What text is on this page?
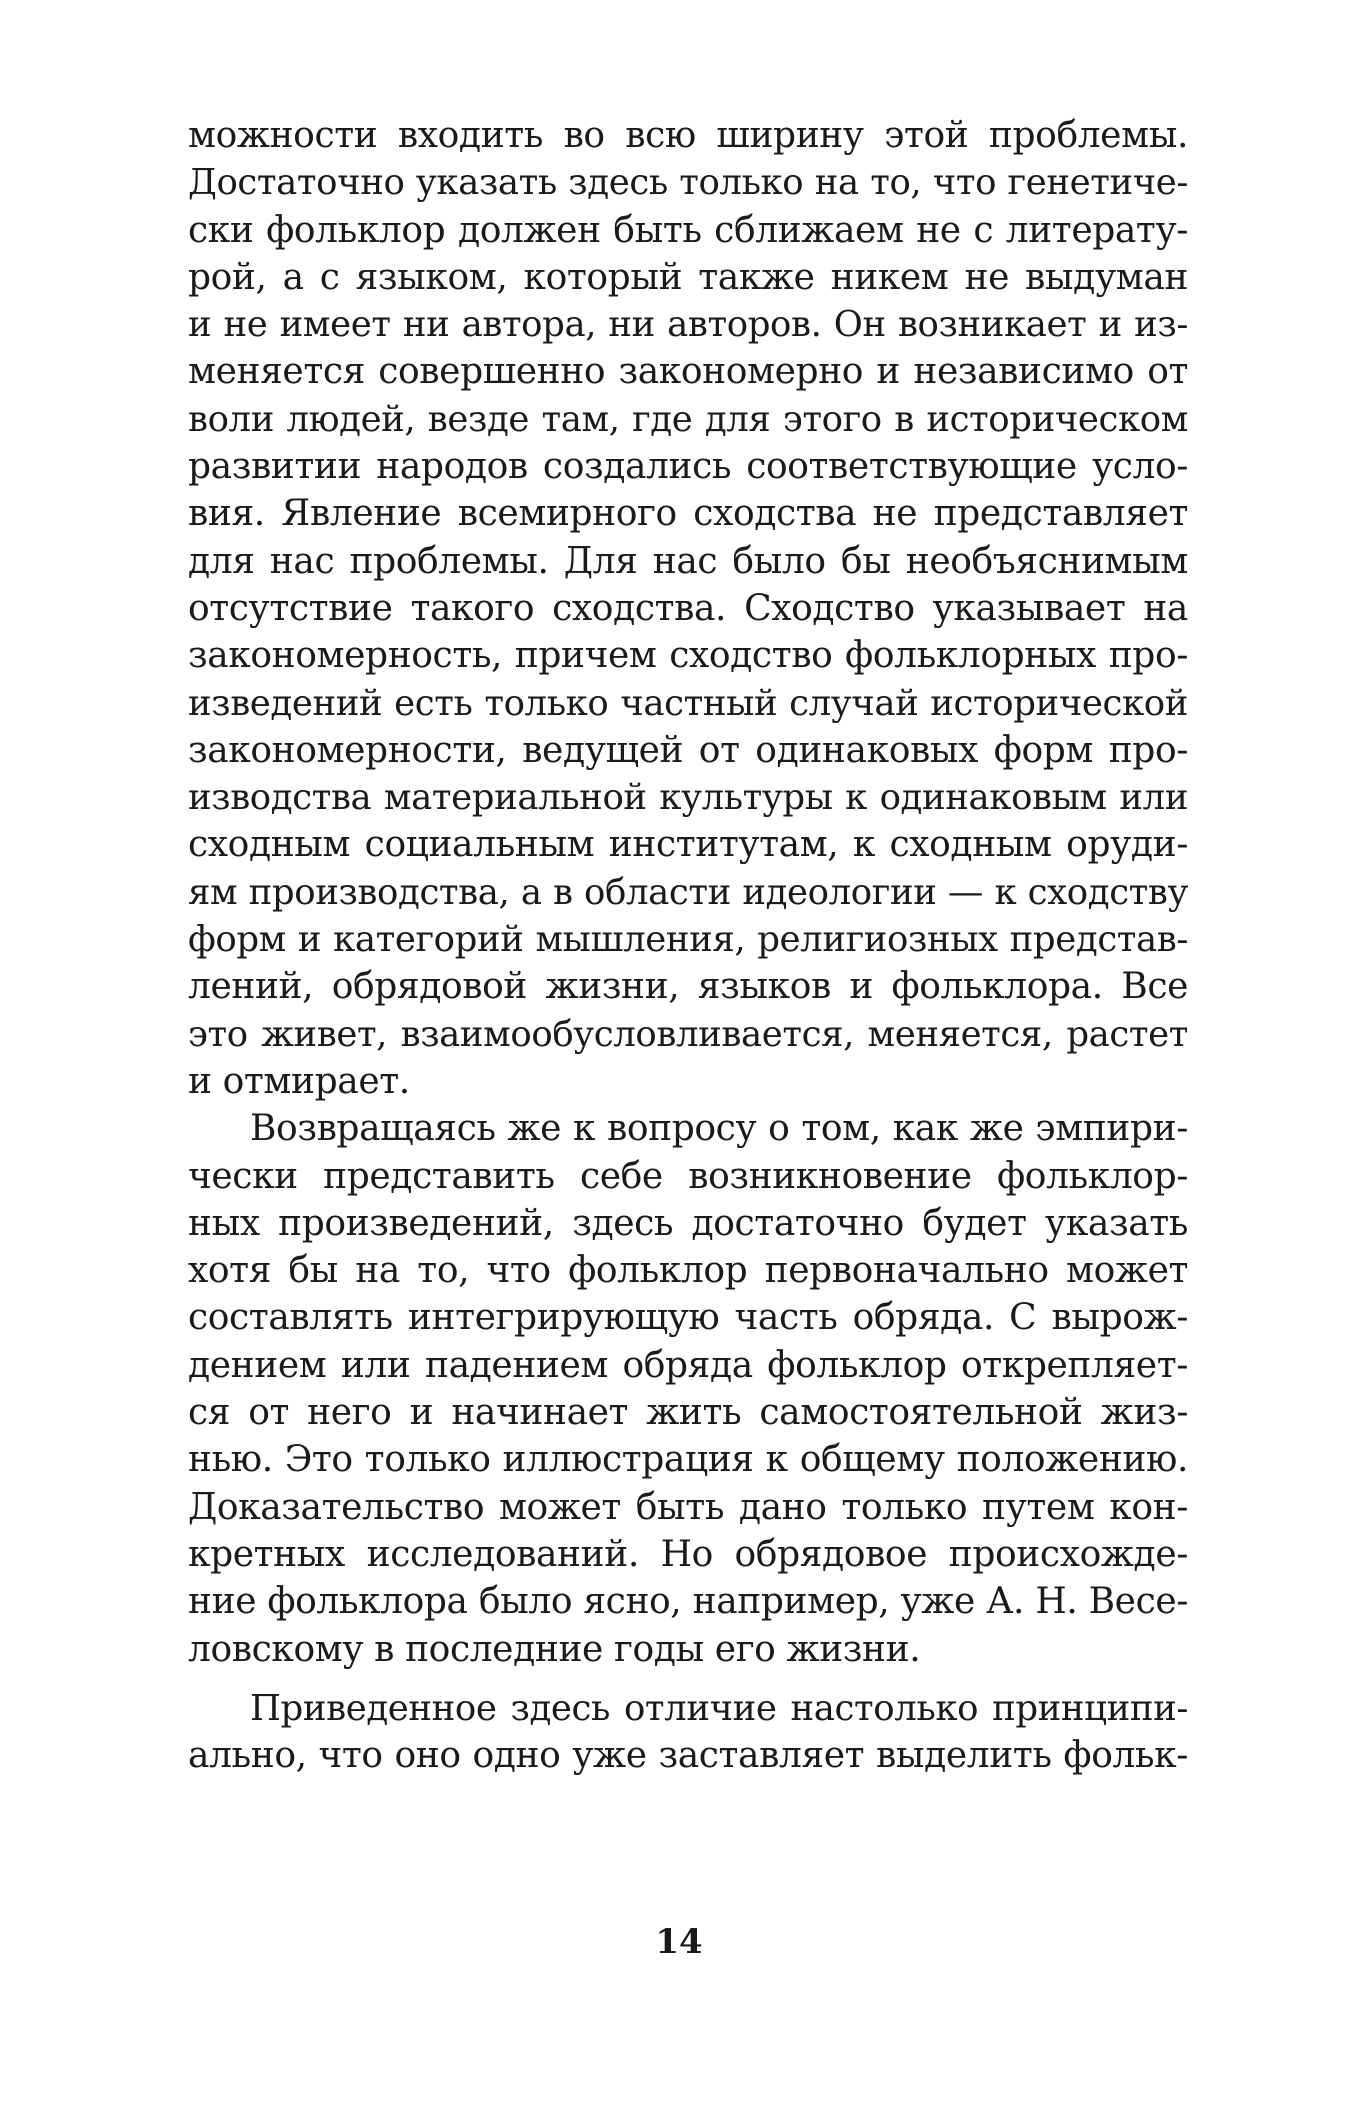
можности входить во всю ширину этой проблемы.
Достаточно указать здесь только на то, что генетиче-
ски фольклор должен быть сближаем не с литерату-
рой, а с языком, который также никем не выдуман
и не имеет ни автора, ни авторов. Он возникает и из-
меняется совершенно закономерно и независимо от
воли людей, везде там, где для этого в историческом
развитии народов создались соответствующие усло-
вия. Явление всемирного сходства не представляет
для нас проблемы. Для нас было бы необъяснимым
отсутствие такого сходства. Сходство указывает на
закономерность, причем сходство фольклорных про-
изведений есть только частный случай исторической
закономерности, ведущей от одинаковых форм про-
изводства материальной культуры к одинаковым или
сходным социальным институтам, к сходным оруди-
ям производства, а в области идеологии — к сходству
форм и категорий мышления, религиозных представ-
лений, обрядовой жизни, языков и фольклора. Все
это живет, взаимообусловливается, меняется, растет
и отмирает.
Возвращаясь же к вопросу о том, как же эмпири-
чески представить себе возникновение фольклор-
ных произведений, здесь достаточно будет указать
хотя бы на то, что фольклор первоначально может
составлять интегрирующую часть обряда. С вырож-
дением или падением обряда фольклор открепляет-
ся от него и начинает жить самостоятельной жиз-
нью. Это только иллюстрация к общему положению.
Доказательство может быть дано только путем кон-
кретных исследований. Но обрядовое происхожде-
ние фольклора было ясно, например, уже А. Н. Весе-
ловскому в последние годы его жизни.
Приведенное здесь отличие настолько принципи-
ально, что оно одно уже заставляет выделить фольк-
14
